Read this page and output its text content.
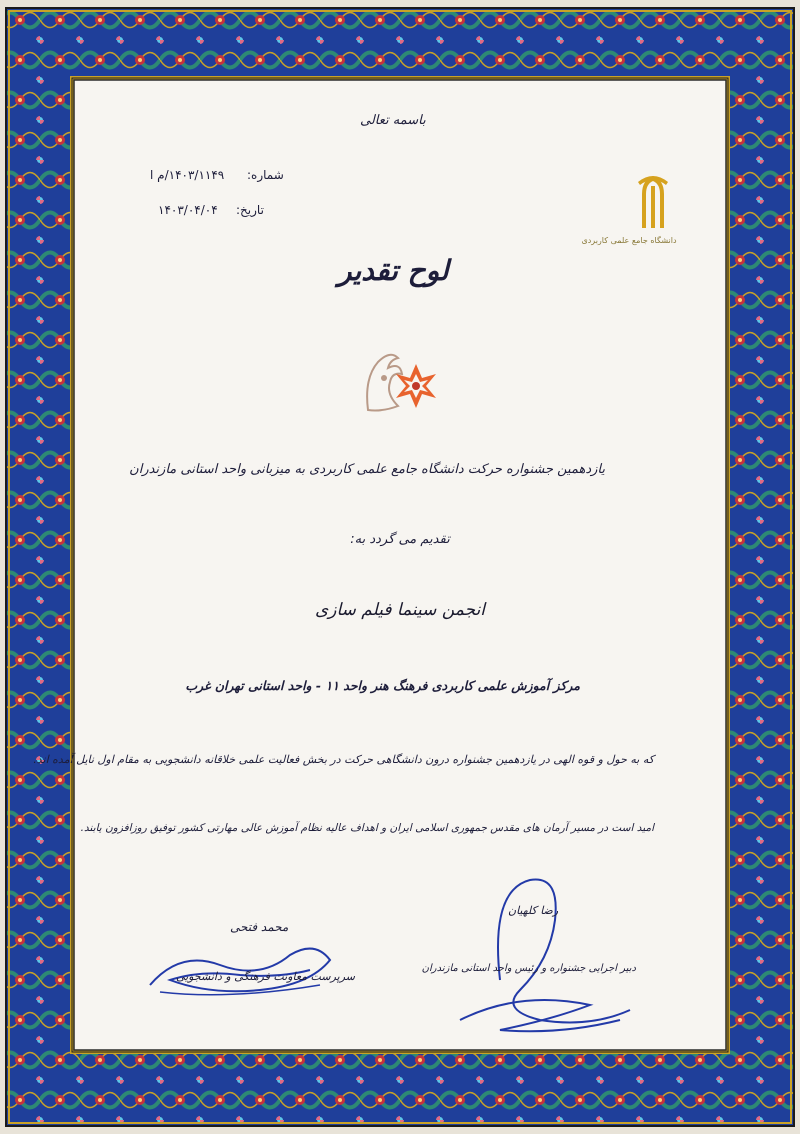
باسمه تعالی
شماره:
۱۴۰۳/۱۱۴۹/م ا
تاریخ:
۱۴۰۳/۰۴/۰۴
دانشگاه جامع علمی کاربردی
لوح تقدیر
یازدهمین جشنواره حرکت دانشگاه جامع علمی کاربردی به میزبانی واحد استانی مازندران
تقدیم می گردد به:
انجمن سینما فیلم سازی
مرکز آموزش علمی کاربردی فرهنگ هنر واحد ۱۱ - واحد استانی تهران غرب
که به حول و قوه الهی در یازدهمین جشنواره درون دانشگاهی حرکت در بخش فعالیت علمی خلاقانه دانشجویی به مقام اول نایل آمده اند.
امید است در مسیر آرمان های مقدس جمهوری اسلامی ایران و اهداف عالیه نظام آموزش عالی مهارتی کشور توفیق روزافزون یابند.
محمد فتحی
سرپرست معاونت فرهنگی و دانشجویی
رضا کلهیان
دبیر اجرایی جشنواره و رئیس واحد استانی مازندران
